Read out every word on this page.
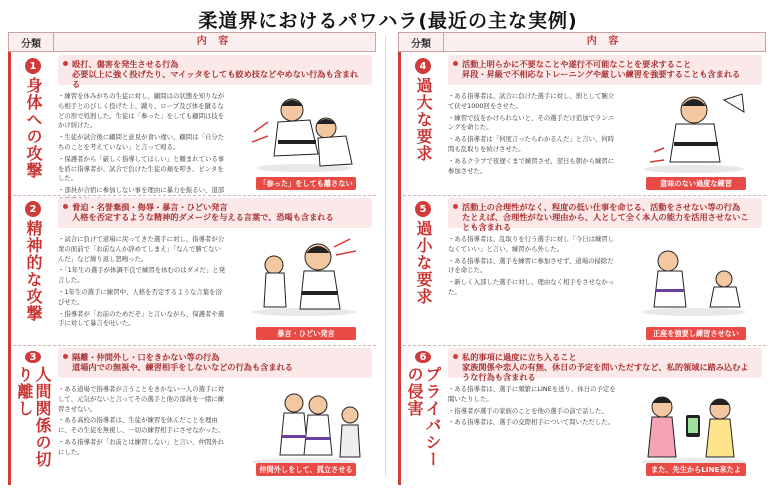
柔道界におけるパワハラ(最近の主な実例)
分類	内 容
1
身体への攻撃
殴打、傷害を発生させる行為
必要以上に強く投げたり、マイッタをしても絞め技などやめない行為も含まれる

・練習を休みがちの生徒に対し、顧問はの状態を知りながら相手とのびしく投げた上、蹴り、ロープ及び体を蹴るなどの形で処罰した。生徒は「参った」をしても顧問は技をかけ続けた。

・生徒が試合後に顧問と意見が食い違い、顧問は「自分たちのことを考えていない」と言って殴る。

・保護者から「厳しく指導してほしい」と頼まれている事を盾に指導者が、試合で負けた生徒の頬を叩き、ビンタをした。

・部員が合宿に参加しない事を理由に暴力を振るい、退部

「参った」をしても離さない
2
精神的な攻撃
脅迫・名誉棄損・侮辱・暴言・ひどい発言
人格を否定するような精神的ダメージを与える言葉で、恐喝も含まれる

・試合に負けて道場に戻ってきた選手に対し、指導者が公衆の面前で「お前なんか辞めてしまえ」「なんで勝てないんだ」など繰り返し怒鳴った。

・「1年生の選手が体調不良で練習を休むのはダメだ」と発言した。

・1年生の選手に練習中、人格を否定するような言葉を浴びせた。

・指導者が「お前のためだぞ」と言いながら、保護者や選手に対して暴言を吐いた。

暴言・ひどい発言
3
人間関係の切り離し
隔離・仲間外し・口をきかない等の行為
道場内での無視や、練習相手をしないなどの行為も含まれる

・ある道場で指導者が言うことをきかない一人の選手に対して、元気がないと言ってその選手と他の部員を一緒に練習させない。

・ある高校の指導者は、生徒が練習を休んだことを理由に、その生徒を無視し、一切の練習相手にさせなかった。

・ある指導者が「お前とは練習しない」と言い、仲間外れにした。

仲間外しをして、孤立させる
分類	内 容
4
過大な要求
活動上明らかに不要なことや遂行不可能なことを要求すること
昇段・昇級で不相応なトレーニングや厳しい練習を強要することも含まれる

・ある指導者は、試合に負けた選手に対し、罰として腕立て伏せ1000回をさせた。

・練習で技をかけられないと、その選手だけ追加でランニングを命じた。

・ある指導者は「何度言ったらわかるんだ」と言い、何時間も乱取りを続けさせた。

・あるクラブで夜遅くまで練習させ、翌日も朝から練習に参加させた。

意味のない過度な練習
5
過小な要求
活動上の合理性がなく、程度の低い仕事を命じる、活動をさせない等の行為
たとえば、合理性がない理由から、人として全く本人の能力を活用させないことも含まれる

・ある指導者は、乱取りを行う選手に対し「今日は練習しなくていい」と言い、練習から外した。

・ある指導者は、選手を練習に参加させず、道場の掃除だけを命じた。

・新しく入部した選手に対し、理由なく相手をさせなかった。

正座を強要し練習させない
6
プライバシーの侵害
私的事項に過度に立ち入ること
家族関係や恋人の有無、休日の予定を問いただすなど、私的領域に踏み込むような行為も含まれる

・ある指導者は、選手に頻繁にLINEを送り、休日の予定を聞いたりした。

・指導者が選手の家族のことを他の選手の前で話した。

・ある指導者は、選手の交際相手について問いただした。

また、先生からLINE来たよ
